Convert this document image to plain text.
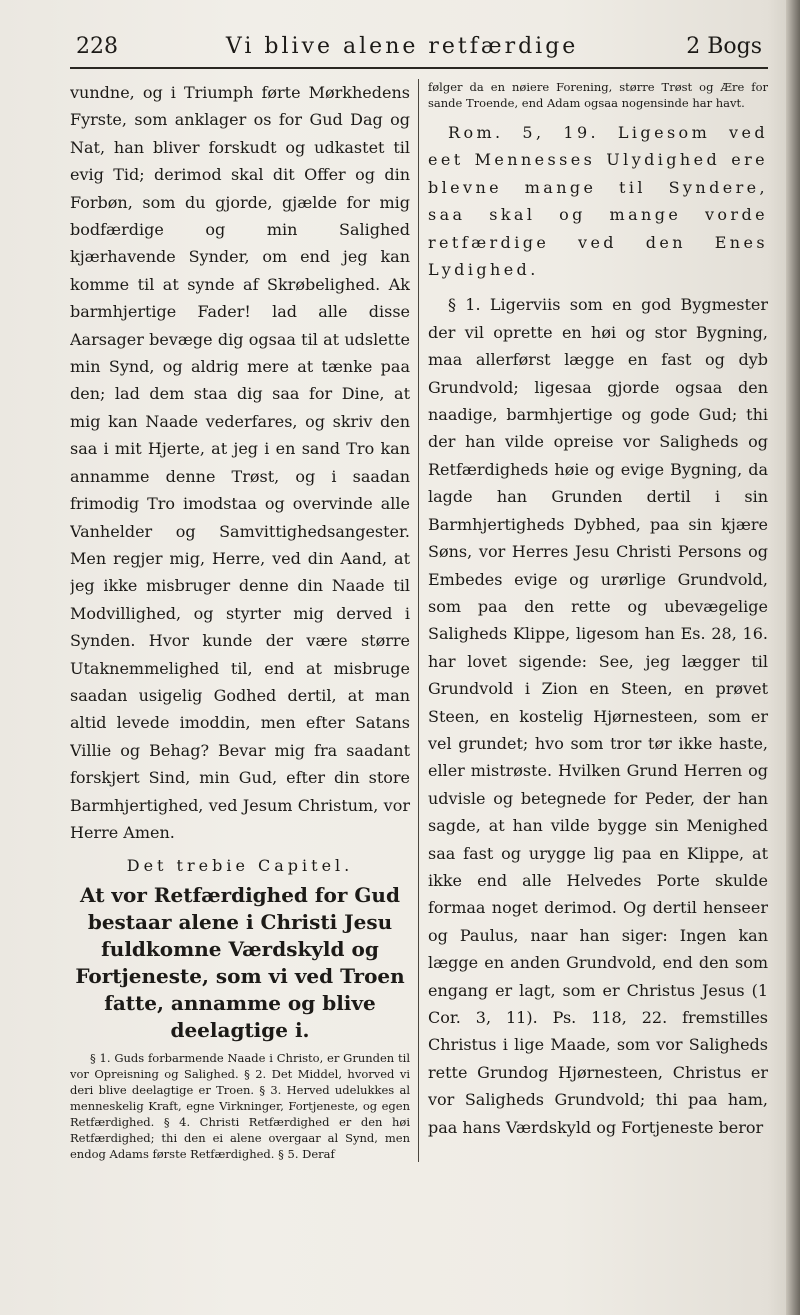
228	Vi blive alene retfærdige	2 Bogs

vundne, og i Triumph førte Mørkhedens Fyrste, som anklager os for Gud Dag og Nat, han bliver forskudt og udkastet til evig Tid; derimod skal dit Offer og din Forbøn, som du gjorde, gjælde for mig bodfærdige og min Salighed kjærhavende Synder, om end jeg kan komme til at synde af Skrøbelighed. Ak barmhjertige Fader! lad alle disse Aarsager bevæge dig ogsaa til at udslette min Synd, og aldrig mere at tænke paa den; lad dem staa dig saa for Dine, at mig kan Naade vederfares, og skriv den saa i mit Hjerte, at jeg i en sand Tro kan annamme denne Trøst, og i saadan frimodig Tro imodstaa og overvinde alle Vanhelder og Samvittighedsangester. Men regjer mig, Herre, ved din Aand, at jeg ikke misbruger denne din Naade til Modvillighed, og styrter mig derved i Synden. Hvor kunde der være større Utaknemmelighed til, end at misbruge saadan usigelig Godhed dertil, at man altid levede imoddin, men efter Satans Villie og Behag? Bevar mig fra saadant forskjert Sind, min Gud, efter din store Barmhjertighed, ved Jesum Christum, vor Herre Amen.

Det trebie Capitel.
At vor Retfærdighed for Gud bestaar alene i Christi Jesu fuldkomne Værdskyld og Fortjeneste, som vi ved Troen fatte, annamme og blive deelagtige i.

§ 1. Guds forbarmende Naade i Christo, er Grunden til vor Opreisning og Salighed. § 2. Det Middel, hvorved vi deri blive deelagtige er Troen. § 3. Herved udelukkes al menneskelig Kraft, egne Virkninger, Fortjeneste, og egen Retfærdighed. § 4. Christi Retfærdighed er den høi Retfærdighed; thi den ei alene overgaar al Synd, men endog Adams første Retfærdighed. § 5. Deraf

følger da en nøiere Forening, større Trøst og Ære for sande Troende, end Adam ogsaa nogensinde har havt.

Rom. 5, 19. Ligesom ved eet Mennesses Ulydighed ere blevne mange til Syndere, saa skal og mange vorde retfærdige ved den Enes Lydighed.

§ 1. Ligerviis som en god Bygmester der vil oprette en høi og stor Bygning, maa allerførst lægge en fast og dyb Grundvold; ligesaa gjorde ogsaa den naadige, barmhjertige og gode Gud; thi der han vilde opreise vor Saligheds og Retfærdigheds høie og evige Bygning, da lagde han Grunden dertil i sin Barmhjertigheds Dybhed, paa sin kjære Søns, vor Herres Jesu Christi Persons og Embedes evige og urørlige Grundvold, som paa den rette og ubevægelige Saligheds Klippe, ligesom han Es. 28, 16. har lovet sigende: See, jeg lægger til Grundvold i Zion en Steen, en prøvet Steen, en kostelig Hjørnesteen, som er vel grundet; hvo som tror tør ikke haste, eller mistrøste. Hvilken Grund Herren og udvisle og betegnede for Peder, der han sagde, at han vilde bygge sin Menighed saa fast og urygge lig paa en Klippe, at ikke end alle Helvedes Porte skulde formaa noget derimod. Og dertil henseer og Paulus, naar han siger: Ingen kan lægge en anden Grundvold, end den som engang er lagt, som er Christus Jesus (1 Cor. 3, 11). Ps. 118, 22. fremstilles Christus i lige Maade, som vor Saligheds rette Grundog Hjørnesteen, Christus er vor Saligheds Grundvold; thi paa ham, paa hans Værdskyld og Fortjeneste beror
